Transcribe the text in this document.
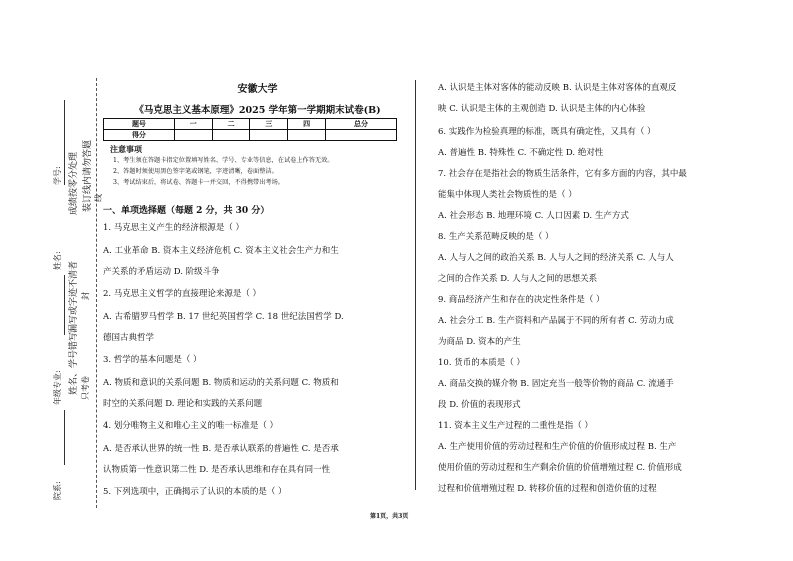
学号: 成绩按零分处理 装订线内请勿答题 线
姓名:
漏写或字迹不清者 封
姓名、学号错写 只考卷
年级专业:
院系:
安徽大学
《马克思主义基本原理》2025 学年第一学期期末试卷(B)
题号	一	二	三	四	总分
得分					
注意事项
1、考生须在答题卡指定位置填写姓名、学号、专业等信息，在试卷上作答无效。
2、答题时须使用黑色签字笔或钢笔，字迹清晰，卷面整洁。
3、考试结束后，将试卷、答题卡一并交回，不得携带出考场。
一、单项选择题（每题 2 分，共 30 分）
1. 马克思主义产生的经济根源是（ ）
A. 工业革命 B. 资本主义经济危机 C. 资本主义社会生产力和生
产关系的矛盾运动 D. 阶级斗争
2. 马克思主义哲学的直接理论来源是（ ）
A. 古希腊罗马哲学 B. 17 世纪英国哲学 C. 18 世纪法国哲学 D.
德国古典哲学
3. 哲学的基本问题是（ ）
A. 物质和意识的关系问题 B. 物质和运动的关系问题 C. 物质和
时空的关系问题 D. 理论和实践的关系问题
4. 划分唯物主义和唯心主义的唯一标准是（ ）
A. 是否承认世界的统一性 B. 是否承认联系的普遍性 C. 是否承
认物质第一性意识第二性 D. 是否承认思维和存在具有同一性
5. 下列选项中，正确揭示了认识的本质的是（ ）
A. 认识是主体对客体的能动反映 B. 认识是主体对客体的直观反
映 C. 认识是主体的主观创造 D. 认识是主体的内心体验
6. 实践作为检验真理的标准，既具有确定性，又具有（ ）
A. 普遍性 B. 特殊性 C. 不确定性 D. 绝对性
7. 社会存在是指社会的物质生活条件，它有多方面的内容，其中最
能集中体现人类社会物质性的是（ ）
A. 社会形态 B. 地理环境 C. 人口因素 D. 生产方式
8. 生产关系范畴反映的是（ ）
A. 人与人之间的政治关系 B. 人与人之间的经济关系 C. 人与人
之间的合作关系 D. 人与人之间的思想关系
9. 商品经济产生和存在的决定性条件是（ ）
A. 社会分工 B. 生产资料和产品属于不同的所有者 C. 劳动力成
为商品 D. 资本的产生
10. 货币的本质是（ ）
A. 商品交换的媒介物 B. 固定充当一般等价物的商品 C. 流通手
段 D. 价值的表现形式
11. 资本主义生产过程的二重性是指（ ）
A. 生产使用价值的劳动过程和生产价值的价值形成过程 B. 生产
使用价值的劳动过程和生产剩余价值的价值增殖过程 C. 价值形成
过程和价值增殖过程 D. 转移价值的过程和创造价值的过程
第1页，共3页
